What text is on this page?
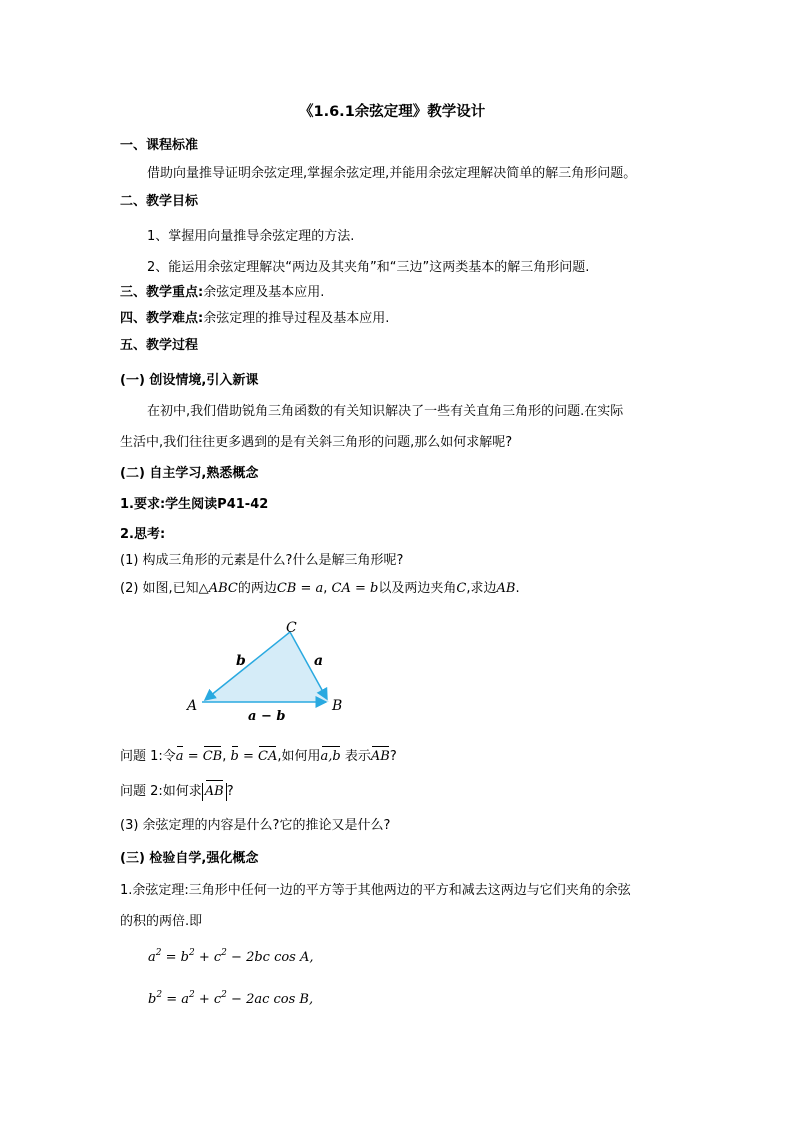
《1.6.1余弦定理》教学设计
一、课程标准
借助向量推导证明余弦定理,掌握余弦定理,并能用余弦定理解决简单的解三角形问题。
二、教学目标
1、掌握用向量推导余弦定理的方法.
2、能运用余弦定理解决“两边及其夹角”和“三边”这两类基本的解三角形问题.
三、教学重点:余弦定理及基本应用.
四、教学难点:余弦定理的推导过程及基本应用.
五、教学过程
(一) 创设情境,引入新课
在初中,我们借助锐角三角函数的有关知识解决了一些有关直角三角形的问题.在实际
生活中,我们往往更多遇到的是有关斜三角形的问题,那么如何求解呢?
(二) 自主学习,熟悉概念
1.要求:学生阅读P41-42
2.思考:
(1) 构成三角形的元素是什么?什么是解三角形呢?
(2) 如图,已知△ABC的两边CB = a, CA = b以及两边夹角C,求边AB.
C
A	B
b	a
a − b
问题 1:令a = CB, b = CA,如何用a,b 表示AB?
问题 2:如何求 AB ?
(3) 余弦定理的内容是什么?它的推论又是什么?
(三) 检验自学,强化概念
1.余弦定理:三角形中任何一边的平方等于其他两边的平方和减去这两边与它们夹角的余弦
的积的两倍.即
$a^2 = b^2 + c^2 - 2bc$ cos A,
$b^2 = a^2 + c^2 - 2ac$ cos B,
